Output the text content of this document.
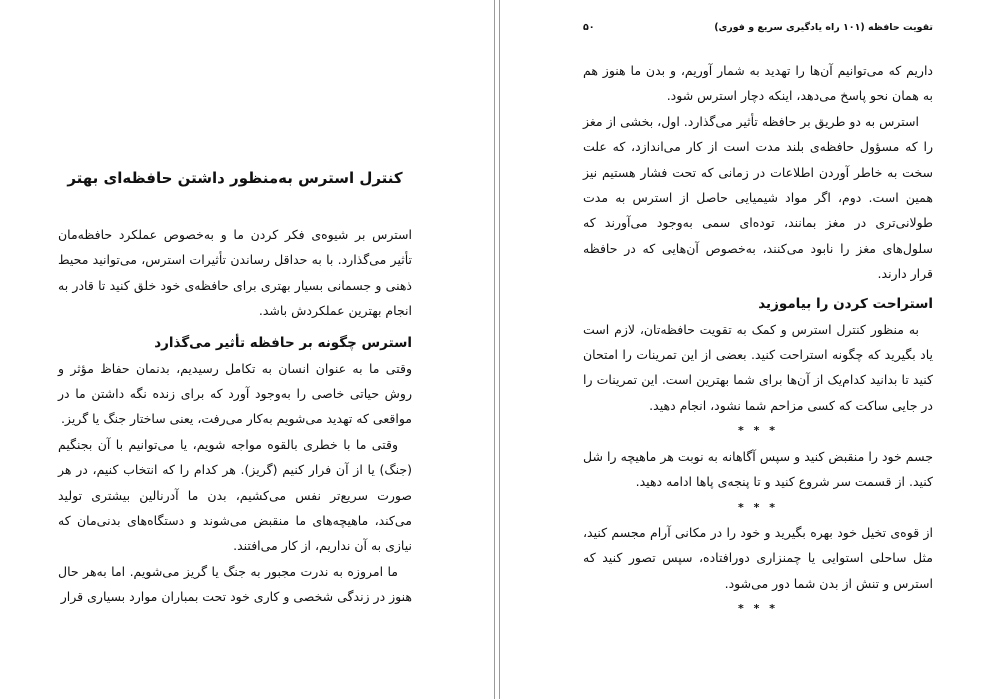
تقویت حافظه (۱۰۱ راه یادگیری سریع و فوری)
۵۰

داریم که می‌توانیم آن‌ها را تهدید به شمار آوریم، و بدن ما هنوز هم به همان نحو پاسخ می‌دهد، اینکه دچار استرس شود.

استرس به دو طریق بر حافظه تأثیر می‌گذارد. اول، بخشی از مغز را که مسؤول حافظه‌ی بلند مدت است از کار می‌اندازد، که علت سخت به خاطر آوردن اطلاعات در زمانی که تحت فشار هستیم نیز همین است. دوم، اگر مواد شیمیایی حاصل از استرس به مدت طولانی‌تری در مغز بمانند، توده‌ای سمی به‌وجود می‌آورند که سلول‌های مغز را نابود می‌کنند، به‌خصوص آن‌هایی که در حافظه قرار دارند.

استراحت کردن را بیاموزید

به منظور کنترل استرس و کمک به تقویت حافظه‌تان، لازم است یاد بگیرید که چگونه استراحت کنید. بعضی از این تمرینات را امتحان کنید تا بدانید کدام‌یک از آن‌ها برای شما بهترین است. این تمرینات را در جایی ساکت که کسی مزاحم شما نشود، انجام دهید.

* * *

جسم خود را منقبض کنید و سپس آگاهانه به نوبت هر ماهیچه را شل کنید. از قسمت سر شروع کنید و تا پنجه‌ی پاها ادامه دهید.

* * *

از قوه‌ی تخیل خود بهره بگیرید و خود را در مکانی آرام مجسم کنید، مثل ساحلی استوایی یا چمنزاری دورافتاده، سپس تصور کنید که استرس و تنش از بدن شما دور می‌شود.

* * *

کنترل استرس به‌منظور داشتن حافظه‌ای بهتر

استرس بر شیوه‌ی فکر کردن ما و به‌خصوص عملکرد حافظه‌مان تأثیر می‌گذارد. با به حداقل رساندن تأثیرات استرس، می‌توانید محیط ذهنی و جسمانی بسیار بهتری برای حافظه‌ی خود خلق کنید تا قادر به انجام بهترین عملکردش باشد.

استرس چگونه بر حافظه تأثیر می‌گذارد

وقتی ما به عنوان انسان به تکامل رسیدیم، بدنمان حفاظ مؤثر و روش حیاتی خاصی را به‌وجود آورد که برای زنده نگه داشتن ما در مواقعی که تهدید می‌شویم به‌کار می‌رفت، یعنی ساختار جنگ یا گریز.

وقتی ما با خطری بالقوه مواجه شویم، یا می‌توانیم با آن بجنگیم (جنگ) یا از آن فرار کنیم (گریز). هر کدام را که انتخاب کنیم، در هر صورت سریع‌تر نفس می‌کشیم، بدن ما آدرنالین بیشتری تولید می‌کند، ماهیچه‌های ما منقبض می‌شوند و دستگاه‌های بدنی‌مان که نیازی به آن نداریم، از کار می‌افتند.

ما امروزه به ندرت مجبور به جنگ یا گریز می‌شویم. اما به‌هر حال هنوز در زندگی شخصی و کاری خود تحت بمباران موارد بسیاری قرار
